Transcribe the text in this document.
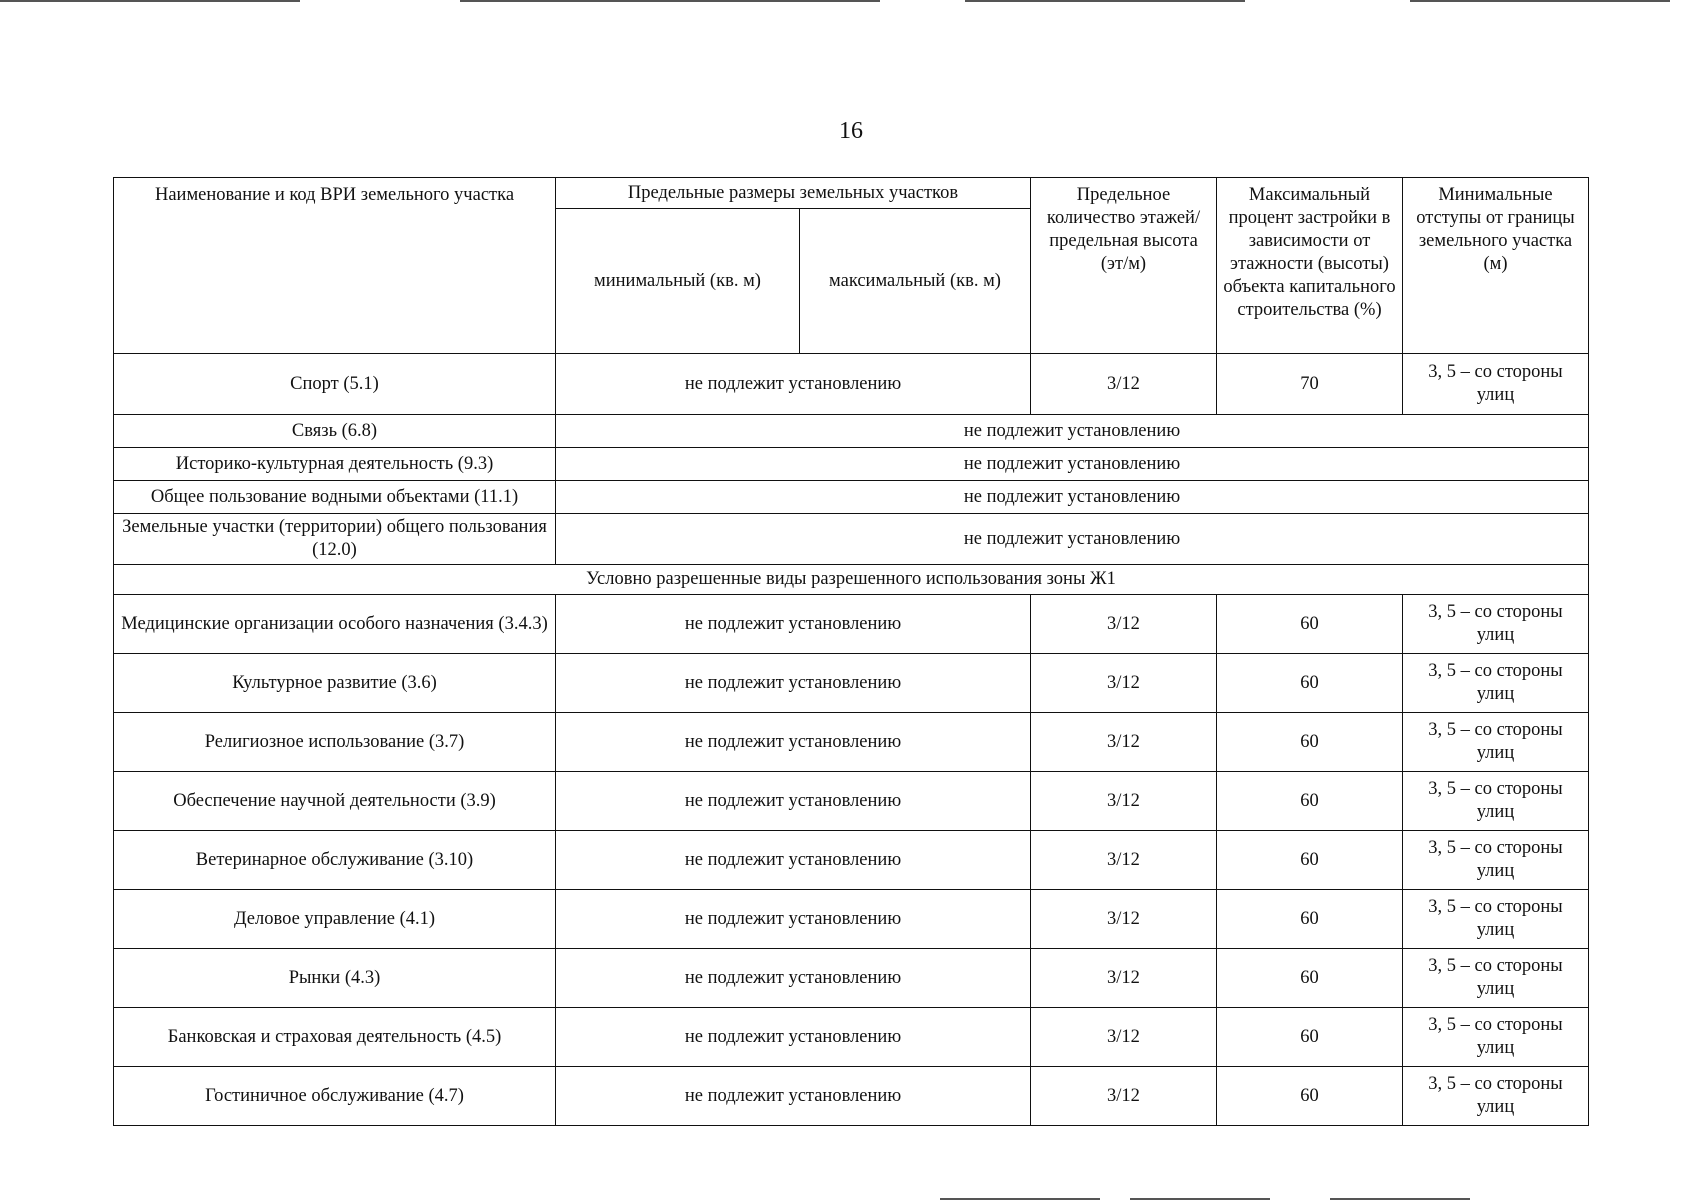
16
Наименование и код ВРИ земельного участка	Предельные размеры земельных участков		Предельное количество этажей/ предельная высота (эт/м)	Максимальный процент застройки в зависимости от этажности (высоты) объекта капитального строительства (%)	Минимальные отступы от границы земельного участка (м)
	минимальный (кв. м)	максимальный (кв. м)			
Спорт (5.1)	не подлежит установлению		3/12	70	3, 5 – со стороны улиц
Связь (6.8)	не подлежит установлению				
Историко-культурная деятельность (9.3)	не подлежит установлению				
Общее пользование водными объектами (11.1)	не подлежит установлению				
Земельные участки (территории) общего пользования (12.0)	не подлежит установлению				
Условно разрешенные виды разрешенного использования зоны Ж1					
Медицинские организации особого назначения (3.4.3)	не подлежит установлению		3/12	60	3, 5 – со стороны улиц
Культурное развитие (3.6)	не подлежит установлению		3/12	60	3, 5 – со стороны улиц
Религиозное использование (3.7)	не подлежит установлению		3/12	60	3, 5 – со стороны улиц
Обеспечение научной деятельности (3.9)	не подлежит установлению		3/12	60	3, 5 – со стороны улиц
Ветеринарное обслуживание (3.10)	не подлежит установлению		3/12	60	3, 5 – со стороны улиц
Деловое управление (4.1)	не подлежит установлению		3/12	60	3, 5 – со стороны улиц
Рынки (4.3)	не подлежит установлению		3/12	60	3, 5 – со стороны улиц
Банковская и страховая деятельность (4.5)	не подлежит установлению		3/12	60	3, 5 – со стороны улиц
Гостиничное обслуживание (4.7)	не подлежит установлению		3/12	60	3, 5 – со стороны улиц
